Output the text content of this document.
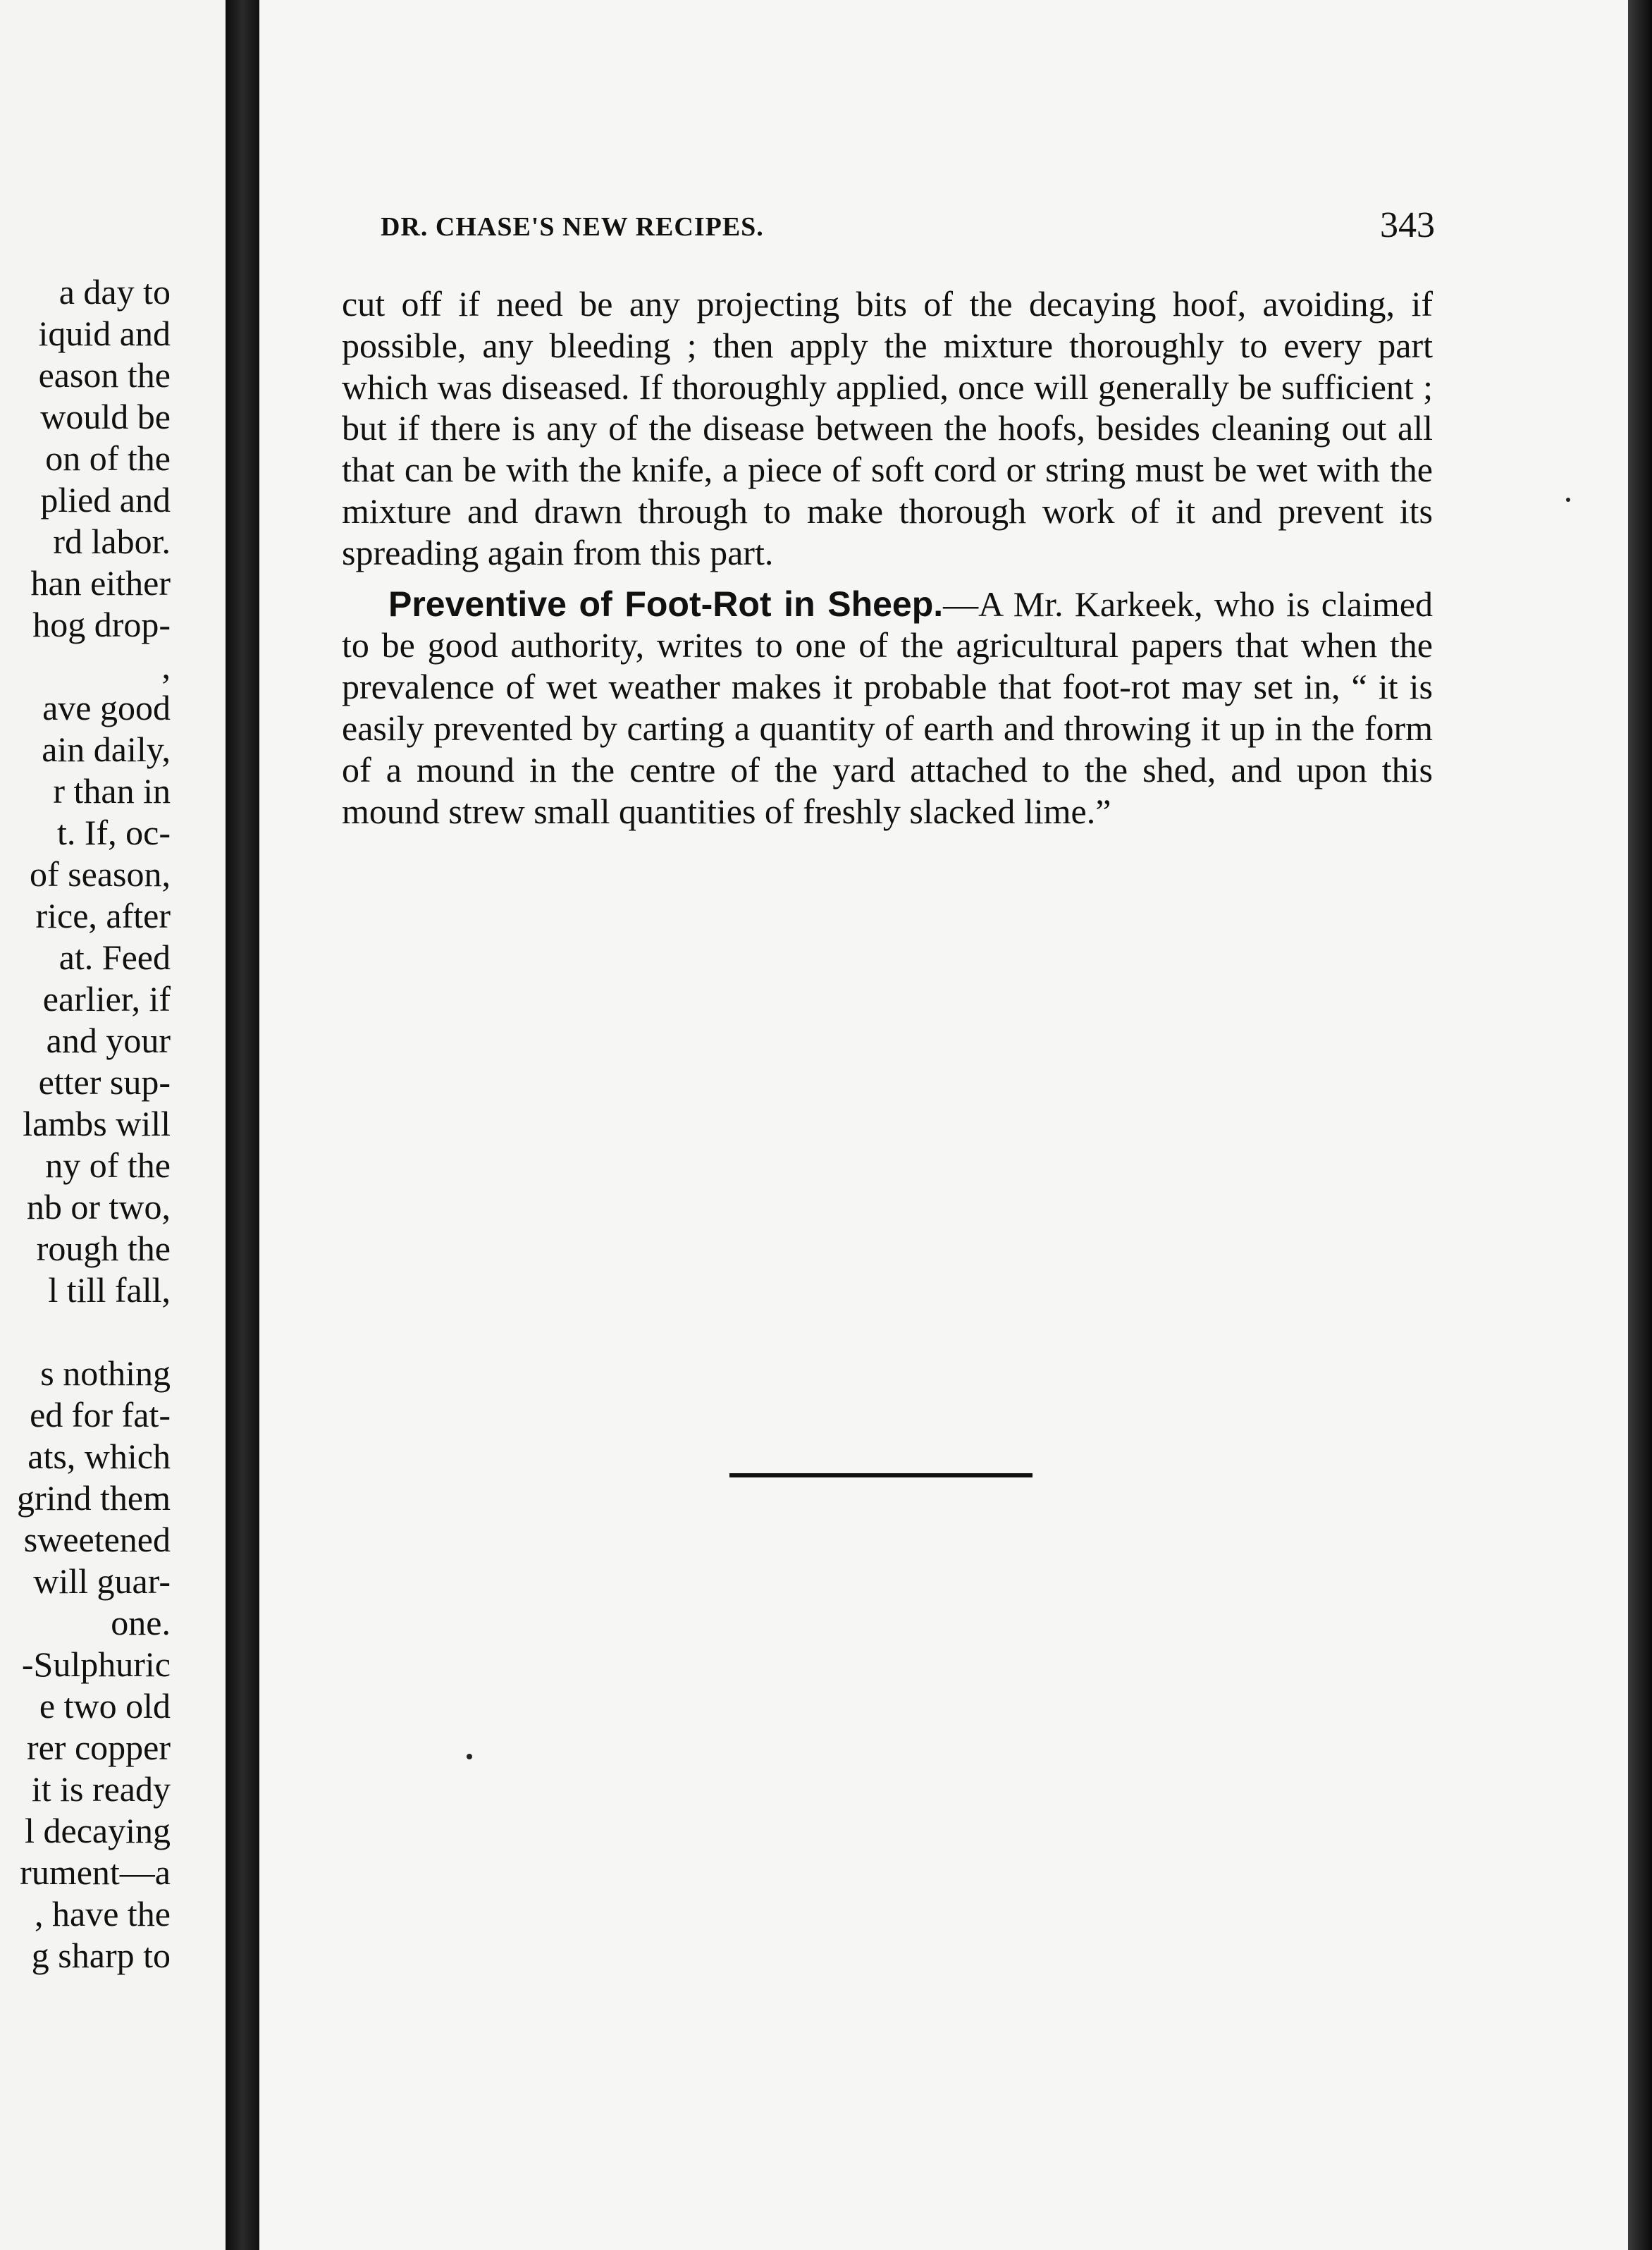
a day to
iquid and
eason the
would be
on of the
plied and
rd labor.
han either
hog drop-
,
ave good
ain daily,
r than in
t. If, oc-
of season,
rice, after
at. Feed
earlier, if
and your
etter sup-
lambs will
ny of the
nb or two,
rough the
l till fall,
s nothing
ed for fat-
ats, which
grind them
sweetened
will guar-
one.
-Sulphuric
e two old
rer copper
it is ready
l decaying
rument—a
, have the
g sharp to
DR. CHASE'S NEW RECIPES.	343

cut off if need be any projecting bits of the decaying hoof, avoiding, if possible, any bleeding ; then apply the mixture thoroughly to every part which was diseased. If thoroughly applied, once will generally be sufficient ; but if there is any of the disease between the hoofs, besides cleaning out all that can be with the knife, a piece of soft cord or string must be wet with the mixture and drawn through to make thorough work of it and prevent its spreading again from this part.

Preventive of Foot-Rot in Sheep.—A Mr. Karkeek, who is claimed to be good authority, writes to one of the agricultural papers that when the prevalence of wet weather makes it probable that foot-rot may set in, “ it is easily prevented by carting a quantity of earth and throwing it up in the form of a mound in the centre of the yard attached to the shed, and upon this mound strew small quantities of freshly slacked lime.”
